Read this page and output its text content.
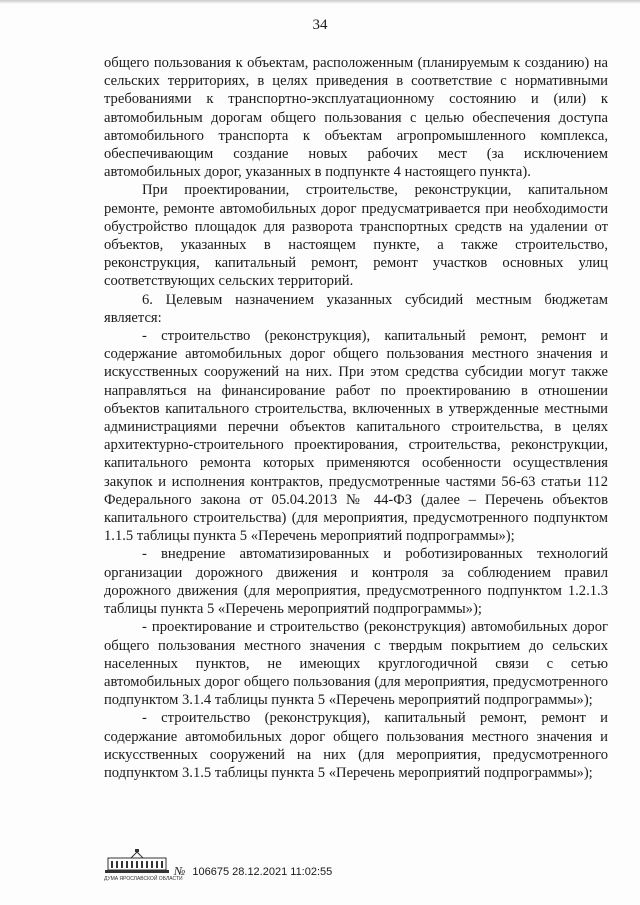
34

общего пользования к объектам, расположенным (планируемым к созданию) на сельских территориях, в целях приведения в соответствие с нормативными требованиями к транспортно-эксплуатационному состоянию и (или) к автомобильным дорогам общего пользования с целью обеспечения доступа автомобильного транспорта к объектам агропромышленного комплекса, обеспечивающим создание новых рабочих мест (за исключением автомобильных дорог, указанных в подпункте 4 настоящего пункта).

При проектировании, строительстве, реконструкции, капитальном ремонте, ремонте автомобильных дорог предусматривается при необходимости обустройство площадок для разворота транспортных средств на удалении от объектов, указанных в настоящем пункте, а также строительство, реконструкция, капитальный ремонт, ремонт участков основных улиц соответствующих сельских территорий.

6. Целевым назначением указанных субсидий местным бюджетам является:

- строительство (реконструкция), капитальный ремонт, ремонт и содержание автомобильных дорог общего пользования местного значения и искусственных сооружений на них. При этом средства субсидии могут также направляться на финансирование работ по проектированию в отношении объектов капитального строительства, включенных в утвержденные местными администрациями перечни объектов капитального строительства, в целях архитектурно-строительного проектирования, строительства, реконструкции, капитального ремонта которых применяются особенности осуществления закупок и исполнения контрактов, предусмотренные частями 56-63 статьи 112 Федерального закона от 05.04.2013 № 44-ФЗ (далее – Перечень объектов капитального строительства) (для мероприятия, предусмотренного подпунктом 1.1.5 таблицы пункта 5 «Перечень мероприятий подпрограммы»);

- внедрение автоматизированных и роботизированных технологий организации дорожного движения и контроля за соблюдением правил дорожного движения (для мероприятия, предусмотренного подпунктом 1.2.1.3 таблицы пункта 5 «Перечень мероприятий подпрограммы»);

- проектирование и строительство (реконструкция) автомобильных дорог общего пользования местного значения с твердым покрытием до сельских населенных пунктов, не имеющих круглогодичной связи с сетью автомобильных дорог общего пользования (для мероприятия, предусмотренного подпунктом 3.1.4 таблицы пункта 5 «Перечень мероприятий подпрограммы»);

- строительство (реконструкция), капитальный ремонт, ремонт и содержание автомобильных дорог общего пользования местного значения и искусственных сооружений на них (для мероприятия, предусмотренного подпунктом 3.1.5 таблицы пункта 5 «Перечень мероприятий подпрограммы»);

ДУМА ЯРОСЛАВСКОЙ ОБЛАСТИ
№ 106675 28.12.2021 11:02:55
